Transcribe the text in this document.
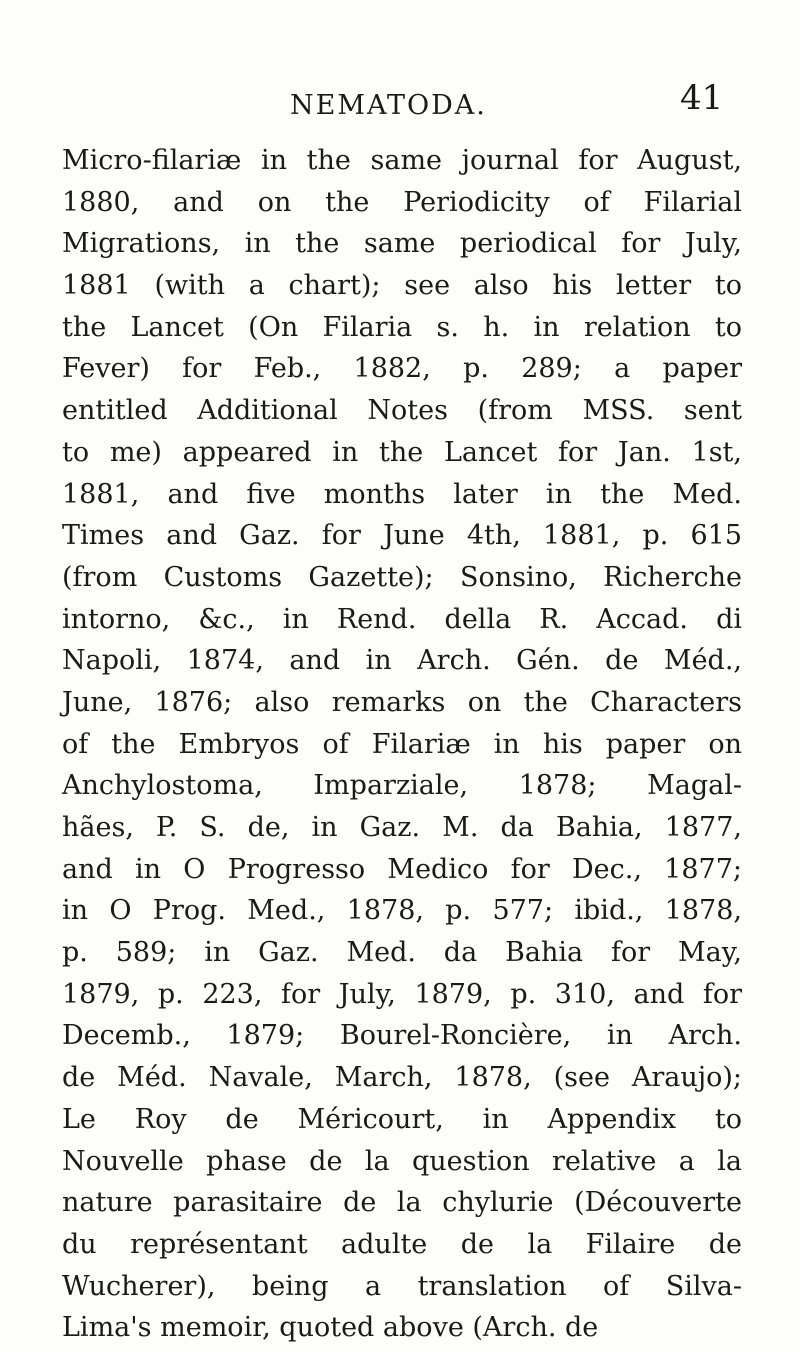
NEMATODA.	41
Micro-filariæ in the same journal for August,
1880, and on the Periodicity of Filarial
Migrations, in the same periodical for July,
1881 (with a chart); see also his letter to
the Lancet (On Filaria s. h. in relation to
Fever) for Feb., 1882, p. 289; a paper
entitled Additional Notes (from MSS. sent
to me) appeared in the Lancet for Jan. 1st,
1881, and five months later in the Med.
Times and Gaz. for June 4th, 1881, p. 615
(from Customs Gazette); Sonsino, Richerche
intorno, &c., in Rend. della R. Accad. di
Napoli, 1874, and in Arch. Gén. de Méd.,
June, 1876; also remarks on the Characters
of the Embryos of Filariæ in his paper on
Anchylostoma, Imparziale, 1878; Magal-
hães, P. S. de, in Gaz. M. da Bahia, 1877,
and in O Progresso Medico for Dec., 1877;
in O Prog. Med., 1878, p. 577; ibid., 1878,
p. 589; in Gaz. Med. da Bahia for May,
1879, p. 223, for July, 1879, p. 310, and for
Decemb., 1879; Bourel-Roncière, in Arch.
de Méd. Navale, March, 1878, (see Araujo);
Le Roy de Méricourt, in Appendix to
Nouvelle phase de la question relative a la
nature parasitaire de la chylurie (Découverte
du représentant adulte de la Filaire de
Wucherer), being a translation of Silva-
Lima's memoir, quoted above (Arch. de
